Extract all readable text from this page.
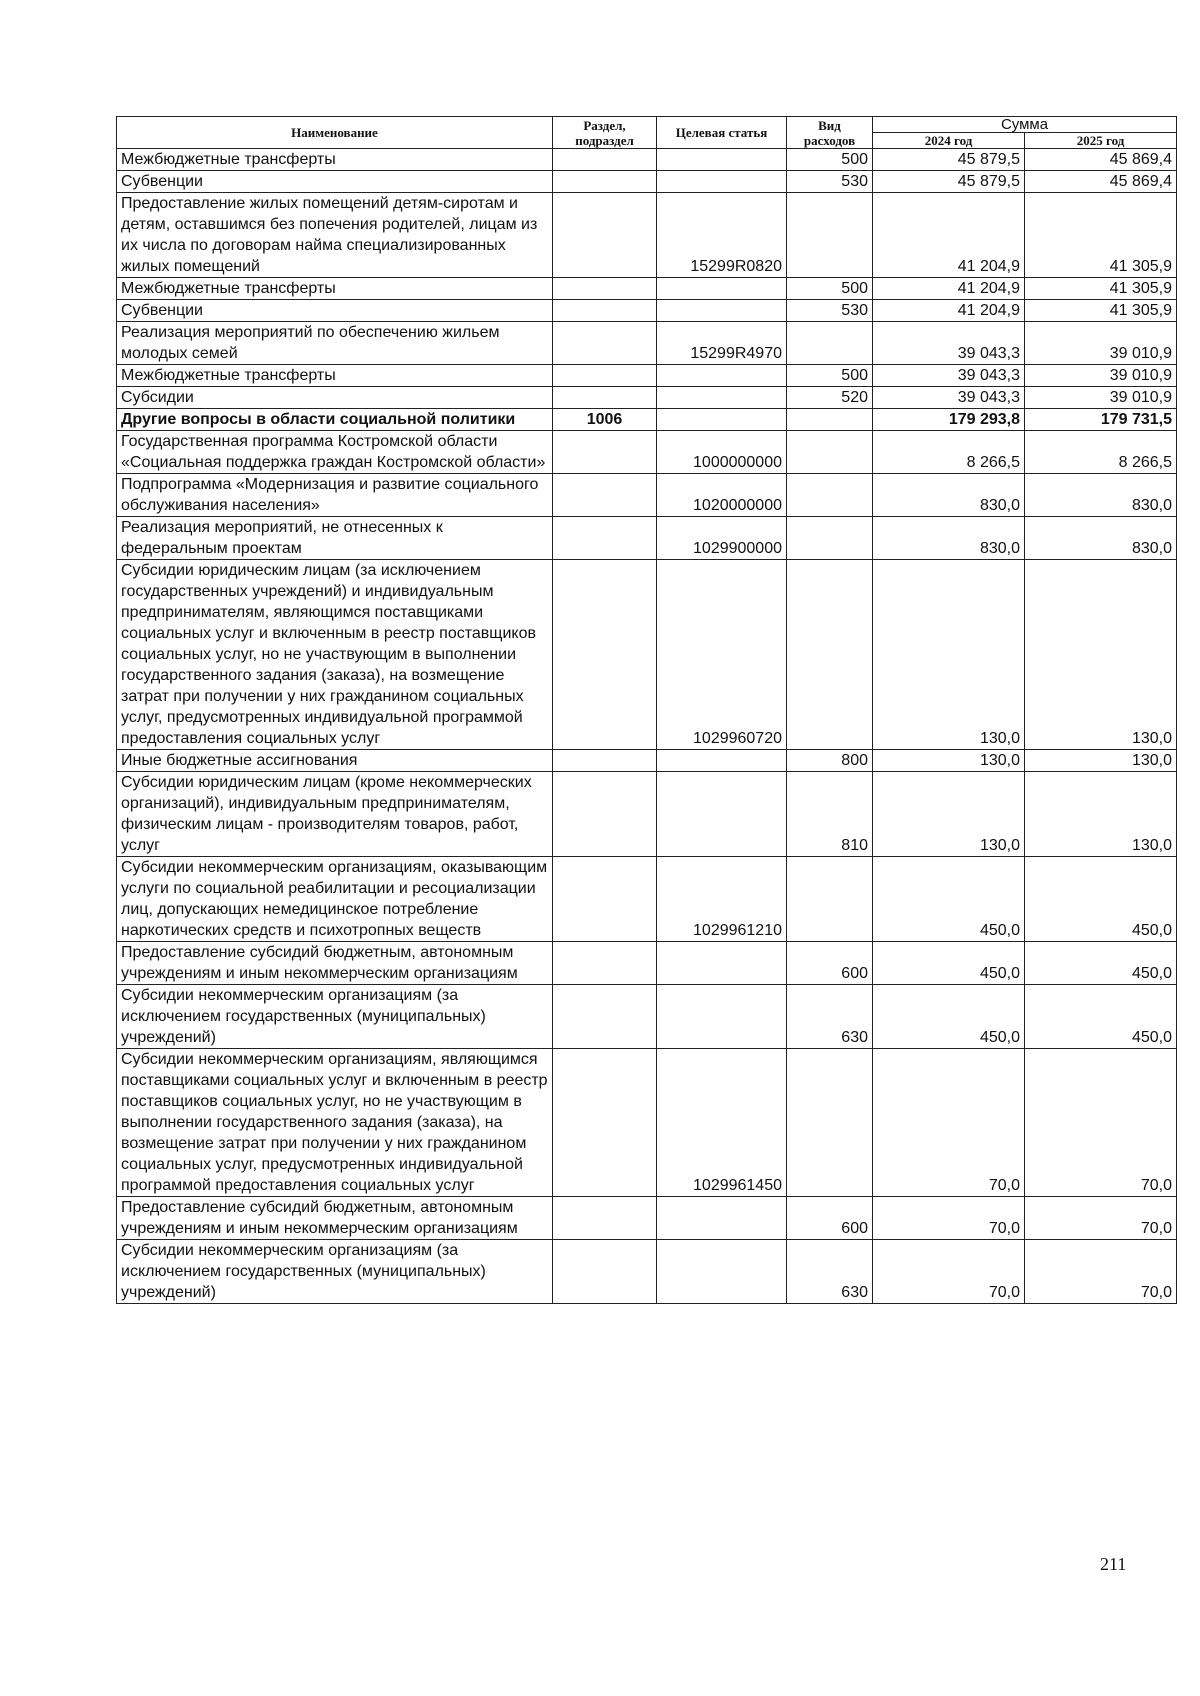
Наименование	Раздел, подраздел	Целевая статья	Вид расходов	Сумма	
				2024 год	2025 год
Межбюджетные трансферты			500	45 879,5	45 869,4
Субвенции			530	45 879,5	45 869,4
Предоставление жилых помещений детям-сиротам и детям, оставшимся без попечения родителей, лицам из их числа по договорам найма специализированных жилых помещений		15299R0820		41 204,9	41 305,9
Межбюджетные трансферты			500	41 204,9	41 305,9
Субвенции			530	41 204,9	41 305,9
Реализация мероприятий по обеспечению жильем молодых семей		15299R4970		39 043,3	39 010,9
Межбюджетные трансферты			500	39 043,3	39 010,9
Субсидии			520	39 043,3	39 010,9
Другие вопросы в области социальной политики	1006			179 293,8	179 731,5
Государственная программа Костромской области «Социальная поддержка граждан Костромской области»		1000000000		8 266,5	8 266,5
Подпрограмма «Модернизация и развитие социального обслуживания населения»		1020000000		830,0	830,0
Реализация мероприятий, не отнесенных к федеральным проектам		1029900000		830,0	830,0
Субсидии юридическим лицам (за исключением государственных учреждений) и индивидуальным предпринимателям, являющимся поставщиками социальных услуг и включенным в реестр поставщиков социальных услуг, но не участвующим в выполнении государственного задания (заказа), на возмещение затрат при получении у них гражданином социальных услуг, предусмотренных индивидуальной программой предоставления социальных услуг		1029960720		130,0	130,0
Иные бюджетные ассигнования			800	130,0	130,0
Субсидии юридическим лицам (кроме некоммерческих организаций), индивидуальным предпринимателям, физическим лицам - производителям товаров, работ, услуг			810	130,0	130,0
Субсидии некоммерческим организациям, оказывающим услуги по социальной реабилитации и ресоциализации лиц, допускающих немедицинское потребление наркотических средств и психотропных веществ		1029961210		450,0	450,0
Предоставление субсидий бюджетным, автономным учреждениям и иным некоммерческим организациям			600	450,0	450,0
Субсидии некоммерческим организациям (за исключением государственных (муниципальных) учреждений)			630	450,0	450,0
Субсидии некоммерческим организациям, являющимся поставщиками социальных услуг и включенным в реестр поставщиков социальных услуг, но не участвующим в выполнении государственного задания (заказа), на возмещение затрат при получении у них гражданином социальных услуг, предусмотренных индивидуальной программой предоставления социальных услуг		1029961450		70,0	70,0
Предоставление субсидий бюджетным, автономным учреждениям и иным некоммерческим организациям			600	70,0	70,0
Субсидии некоммерческим организациям (за исключением государственных (муниципальных) учреждений)			630	70,0	70,0
211
